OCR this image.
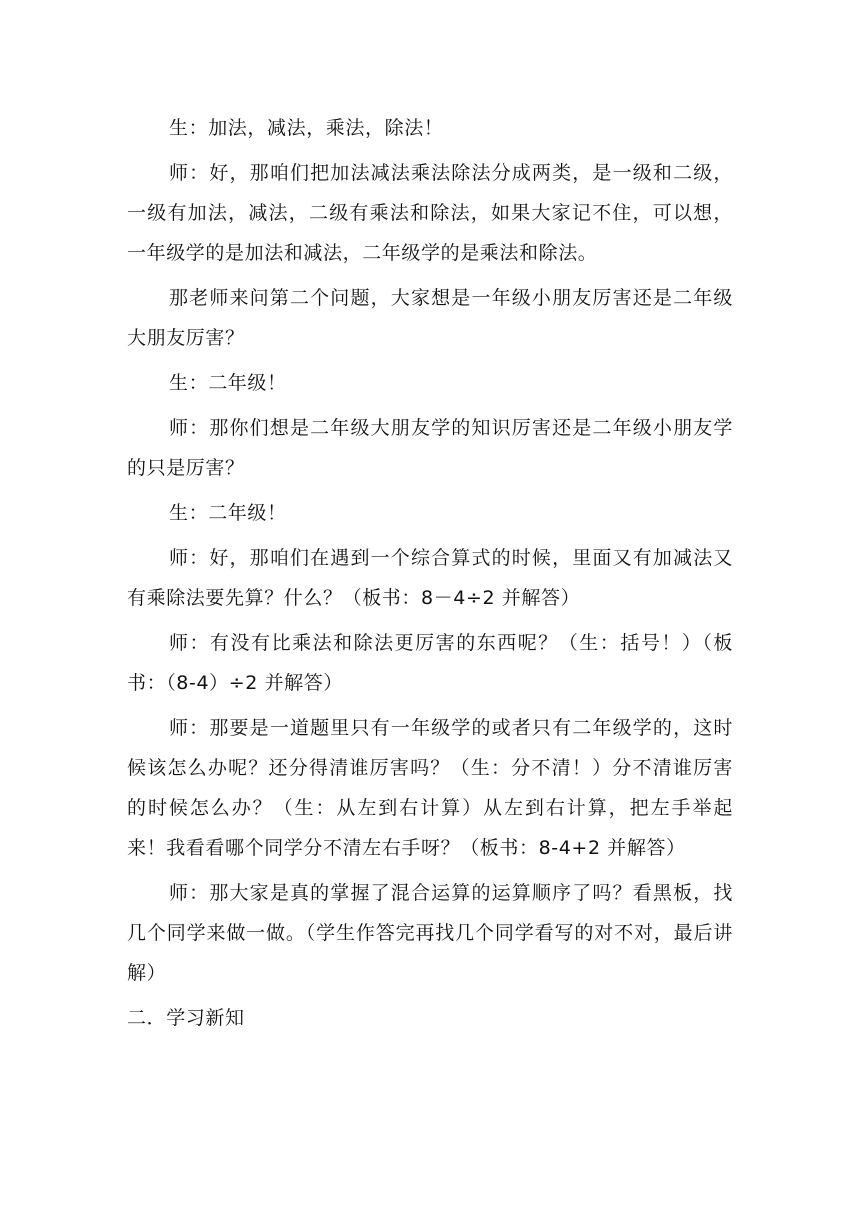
生：加法，减法，乘法，除法！

师：好，那咱们把加法减法乘法除法分成两类，是一级和二级，一级有加法，减法，二级有乘法和除法，如果大家记不住，可以想，一年级学的是加法和减法，二年级学的是乘法和除法。

那老师来问第二个问题，大家想是一年级小朋友厉害还是二年级大朋友厉害？

生：二年级！

师：那你们想是二年级大朋友学的知识厉害还是二年级小朋友学的只是厉害？

生：二年级！

师：好，那咱们在遇到一个综合算式的时候，里面又有加减法又有乘除法要先算？什么？（板书：8－4÷2 并解答）

师：有没有比乘法和除法更厉害的东西呢？（生：括号！）（板书：（8-4）÷2 并解答）

师：那要是一道题里只有一年级学的或者只有二年级学的，这时候该怎么办呢？还分得清谁厉害吗？（生：分不清！）分不清谁厉害的时候怎么办？（生：从左到右计算）从左到右计算，把左手举起来！我看看哪个同学分不清左右手呀？（板书：8-4+2 并解答）

师：那大家是真的掌握了混合运算的运算顺序了吗？看黑板，找几个同学来做一做。（学生作答完再找几个同学看写的对不对，最后讲解）

二．学习新知
